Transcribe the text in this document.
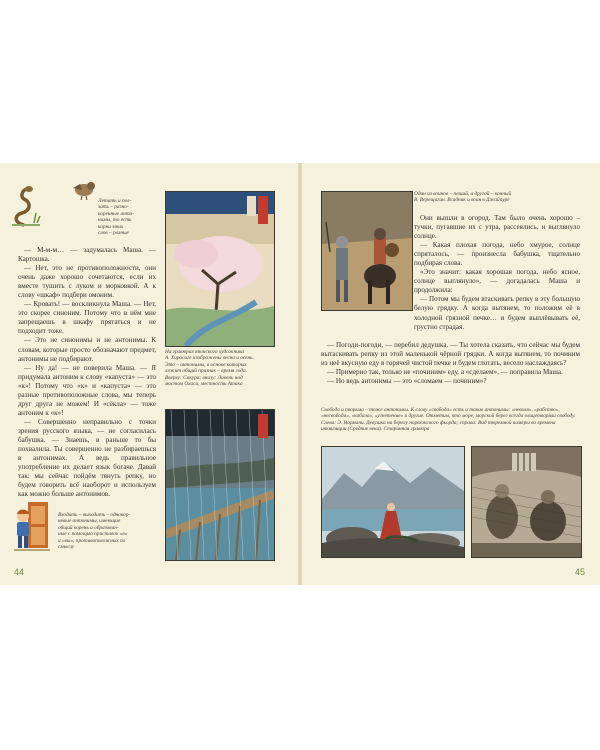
Летать и пол-
зать – разно-
коренные анто-
нимы, то есть
корни этих
слов – разные

— М-м-м… — задумалась Маша. — Картошка.

— Нет, это не противоположности, они очень даже хорошо сочетаются, если их вместе тушить с луком и морковкой. А к слову «шкаф» подбери омоним.

— Кровать! — воскликнула Маша. — Нет, это скорее синоним. Потому что в нём мне запрещаешь в шкафу прятаться и не подходит тоже.

— Это не синонимы и не антонимы. К словам, которые просто обозначают предмет, антонимы не подбирают.

— Ну да! — не поверила Маша. — Я придумала антоним к слову «капуста» — это «к»! Потому что «к» и «капуста» — это разные противоположные слова, мы теперь друг друга не можем! И «сёкла» — тоже антоним к «к»!

— Совершенно неправильно с точки зрения русского языка, — не согласилась бабушка. — Знаешь, в раньше то бы похвалила. Ты совершенно не разбираешься в антонимах. А ведь правильное употребление их делает язык богаче. Давай так: мы сейчас пойдём тянуть репку, но будем говорить всё наоборот и используем как можно больше антонимов.

Входить – выходить – однокор-
невые антонимы, имеющие
общий корень и образован-
ные с помощью приставок «в»
и «вы», противоположных по
смыслу
На гравюрах японского художника
А. Хиросиге изображены весна и осень.
Это – антонимы, в основе которых
лежит общий признак – время года.
Вверху: Сакура; внизу: Ливень над
мостом Охаси, местность Атака
44
Один из воинов – пеший, а другой – конный
В. Верещагин. Всадник и воин в Джайпуре

Они вышли в огород. Там было очень хорошо – тучки, пугавшие их с утра, рассеялись, и выглянуло солнце.

— Какая плохая погода, небо хмурое, солнце спряталось, — произнесла бабушка, тщательно подбирая слова.

«Это значит: какая хорошая погода, небо ясное, солнце выглянуло», — догадалась Маша и продолжила:

— Потом мы будем втаскивать репку в эту большую белую грядку. А когда вытянем, то положим её в холодной грязной печке… и будем выплёвывать её, грустно страдая.

— Погоди-погоди, — перебил дедушка. — Ты хотела сказать, что сейчас мы будем вытаскивать репку из этой маленькой чёрной грядки. А когда вытянем, то починим из неё вкусную еду в горячей чистой печке и будем глотать, весело наслаждаясь?

— Примерно так, только не «починим» еду, а «сделаем», — поправила Маша.

— Но ведь антонимы — это «сломаем — починим»?

Свобода и тюрьма – тоже антонимы. К слову «свобода» есть и такие антонимы: «неволя», «рабство», «несвобода», «кабала», «угнетение» и другие. Отметим, что море, морской берег всегда олицетворяли свободу. Слева: Э. Нормани. Девушка на берегу норвежского фьорда; справа: Вид тюремной камеры во времена инквизиции (Средние века). Старинная гравюра
45
